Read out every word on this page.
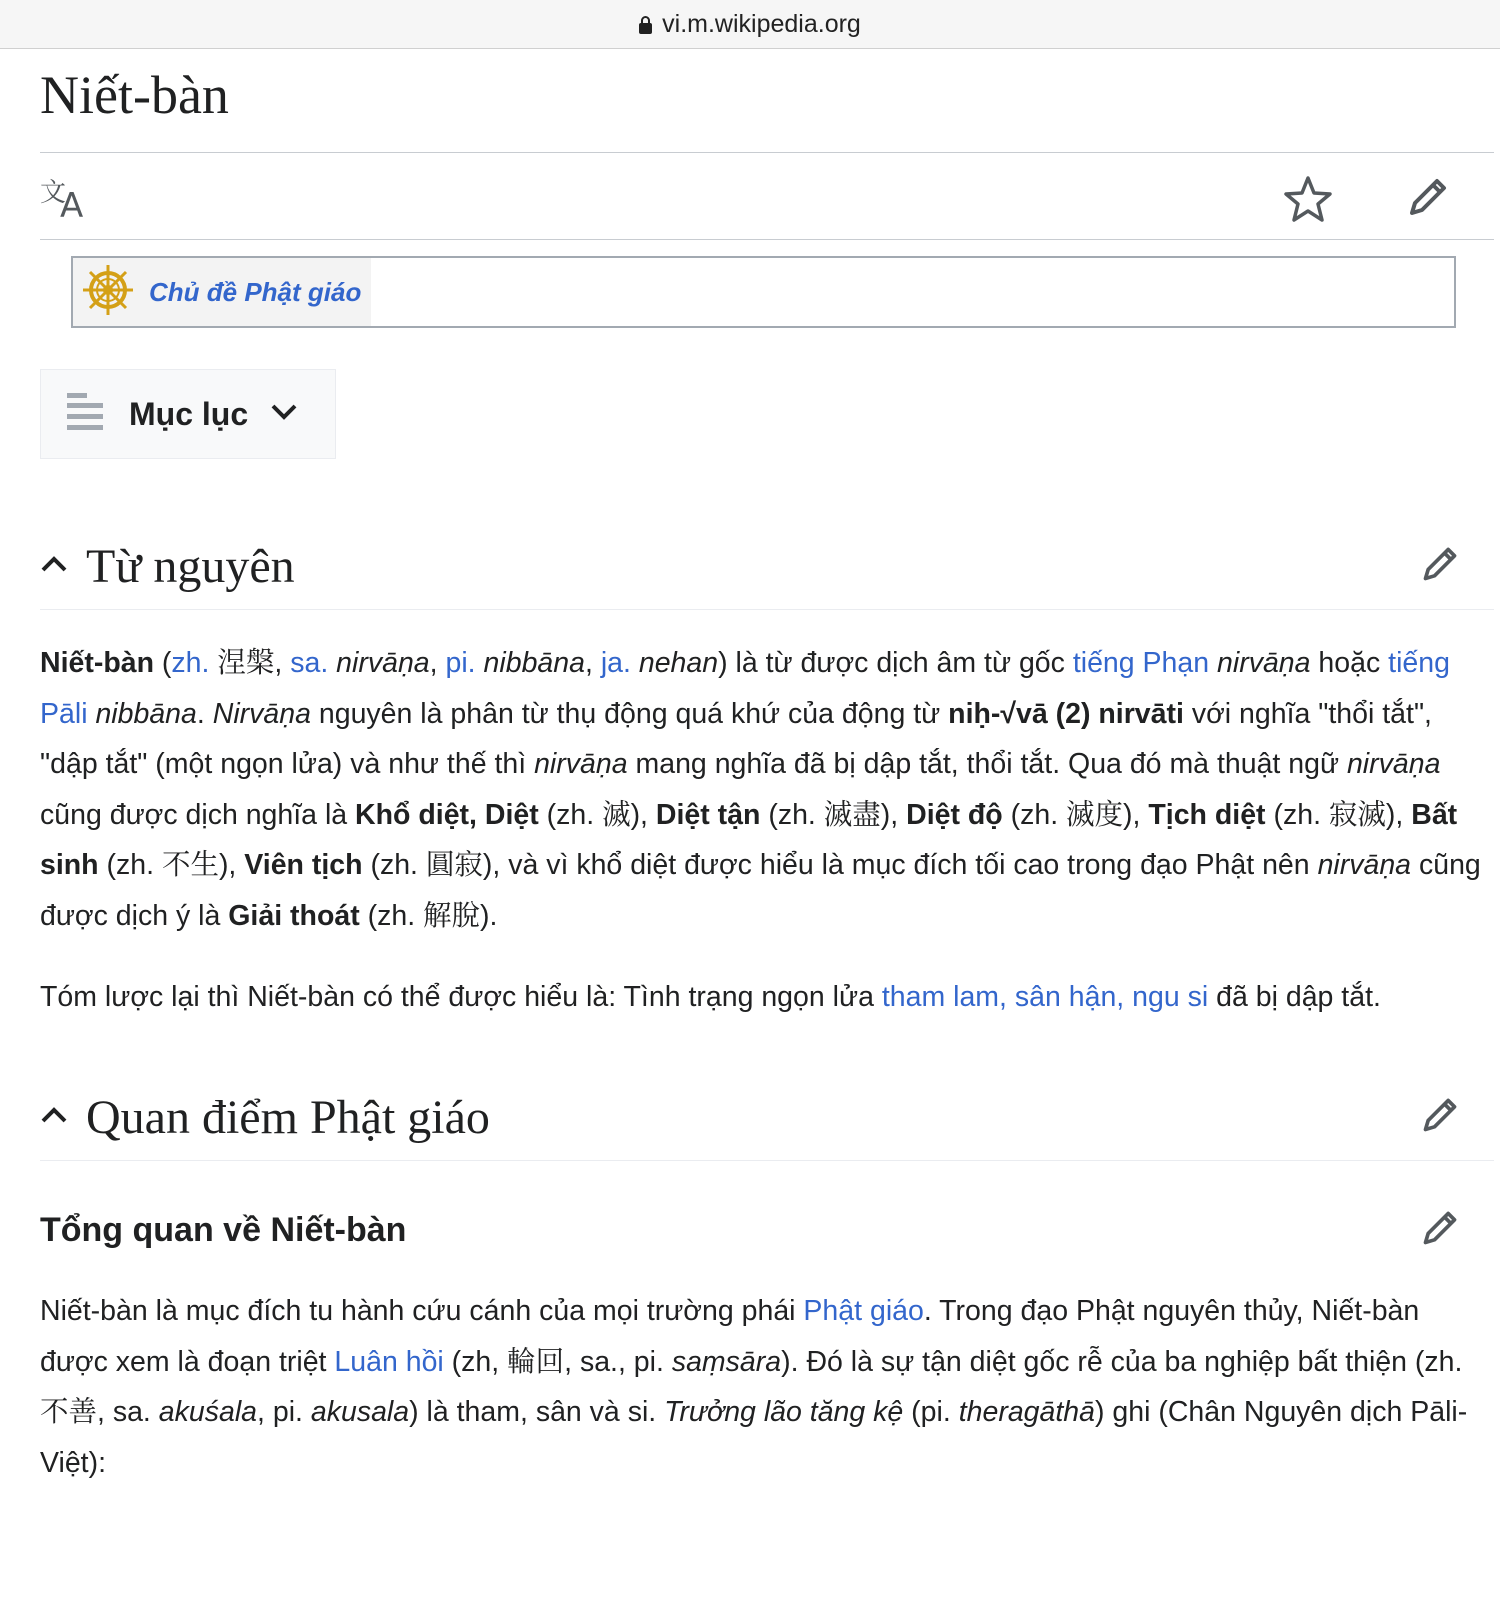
vi.m.wikipedia.org
Niết-bàn
文
A
Chủ đề Phật giáo
Mục lục
Từ nguyên

Niết-bàn (zh. 涅槃, sa. nirvāṇa, pi. nibbāna, ja. nehan) là từ được dịch âm từ gốc tiếng Phạn nirvāṇa hoặc tiếng Pāli nibbāna. Nirvāṇa nguyên là phân từ thụ động quá khứ của động từ niḥ-√vā (2) nirvāti với nghĩa "thổi tắt", "dập tắt" (một ngọn lửa) và như thế thì nirvāṇa mang nghĩa đã bị dập tắt, thổi tắt. Qua đó mà thuật ngữ nirvāṇa cũng được dịch nghĩa là Khổ diệt, Diệt (zh. 滅), Diệt tận (zh. 滅盡), Diệt độ (zh. 滅度), Tịch diệt (zh. 寂滅), Bất sinh (zh. 不生), Viên tịch (zh. 圓寂), và vì khổ diệt được hiểu là mục đích tối cao trong đạo Phật nên nirvāṇa cũng được dịch ý là Giải thoát (zh. 解脫).

Tóm lược lại thì Niết-bàn có thể được hiểu là: Tình trạng ngọn lửa tham lam, sân hận, ngu si đã bị dập tắt.

Quan điểm Phật giáo
Tổng quan về Niết-bàn

Niết-bàn là mục đích tu hành cứu cánh của mọi trường phái Phật giáo. Trong đạo Phật nguyên thủy, Niết-bàn được xem là đoạn triệt Luân hồi (zh, 輪回, sa., pi. saṃsāra). Đó là sự tận diệt gốc rễ của ba nghiệp bất thiện (zh. 不善, sa. akuśala, pi. akusala) là tham, sân và si. Trưởng lão tăng kệ (pi. theragāthā) ghi (Chân Nguyên dịch Pāli-Việt):
